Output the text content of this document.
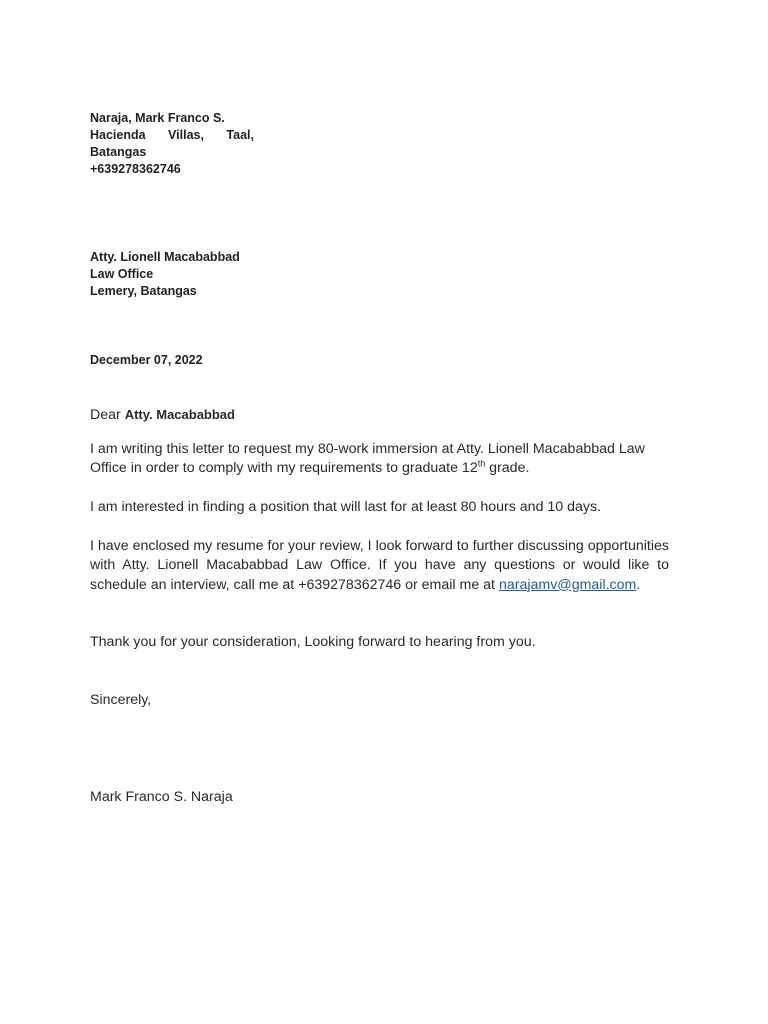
Naraja, Mark Franco S.
Hacienda Villas, Taal,
Batangas
+639278362746
Atty. Lionell Macababbad
Law Office
Lemery, Batangas
December 07, 2022
Dear Atty. Macababbad
I am writing this letter to request my 80-work immersion at Atty. Lionell Macababbad Law Office in order to comply with my requirements to graduate 12th grade.
I am interested in finding a position that will last for at least 80 hours and 10 days.
I have enclosed my resume for your review, I look forward to further discussing opportunities with Atty. Lionell Macababbad Law Office. If you have any questions or would like to schedule an interview, call me at +639278362746 or email me at narajamv@gmail.com.
Thank you for your consideration, Looking forward to hearing from you.
Sincerely,
Mark Franco S. Naraja
